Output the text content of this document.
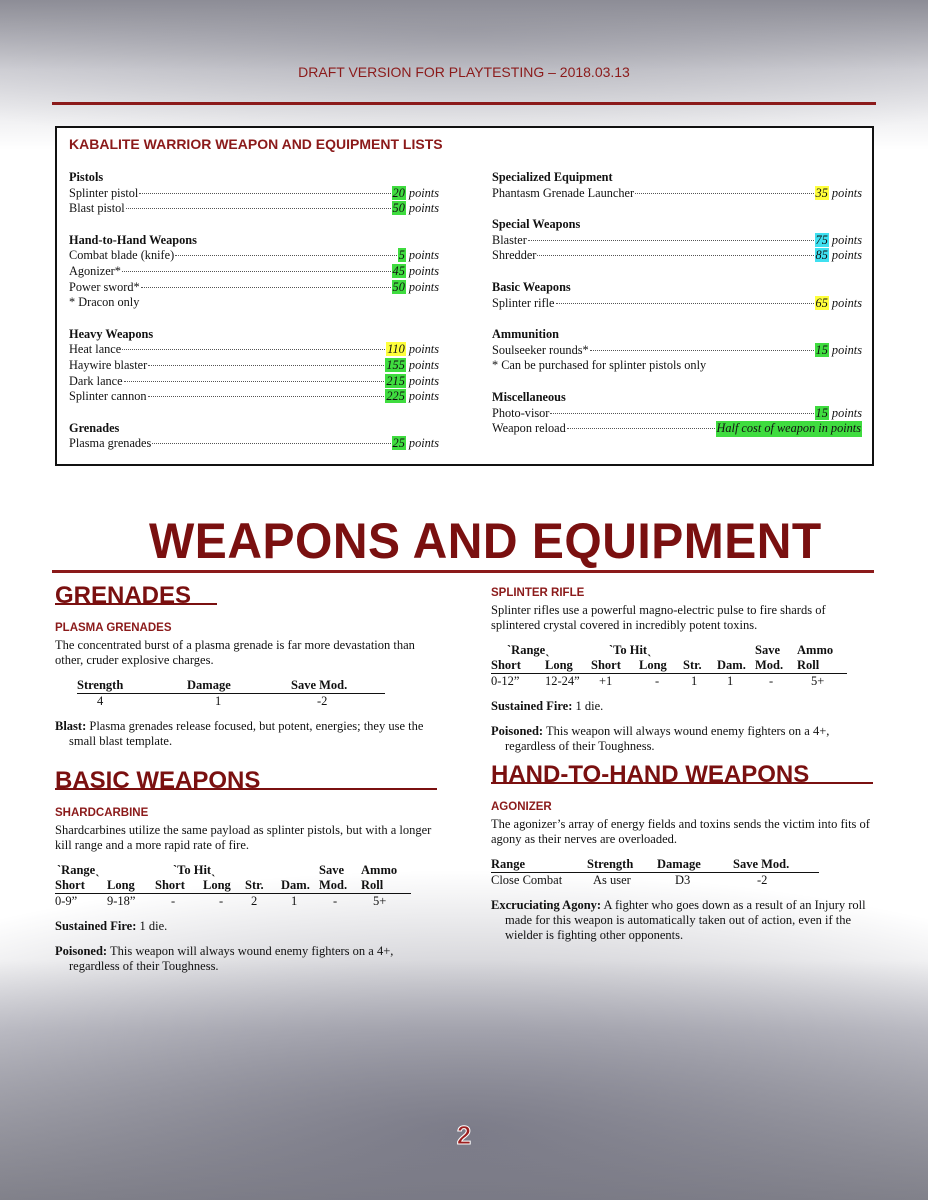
DRAFT VERSION FOR PLAYTESTING – 2018.03.13
KABALITE WARRIOR WEAPON AND EQUIPMENT LISTS
Pistols
Splinter pistol	20 points
Blast pistol	50 points
Hand-to-Hand Weapons
Combat blade (knife)	5 points
Agonizer*	45 points
Power sword*	50 points
* Dracon only
Heavy Weapons
Heat lance	110 points
Haywire blaster	155 points
Dark lance	215 points
Splinter cannon	225 points
Grenades
Plasma grenades	25 points
Specialized Equipment
Phantasm Grenade Launcher	35 points
Special Weapons
Blaster	75 points
Shredder	85 points
Basic Weapons
Splinter rifle	65 points
Ammunition
Soulseeker rounds*	15 points
* Can be purchased for splinter pistols only
Miscellaneous
Photo-visor	15 points
Weapon reload	Half cost of weapon in points
WEAPONS AND EQUIPMENT
GRENADES
PLASMA GRENADES

The concentrated burst of a plasma grenade is far more devastation than other, cruder explosive charges.

Strength	Damage	Save Mod.
4	1	-2

Blast: Plasma grenades release focused, but potent, energies; they use the small blast template.

BASIC WEAPONS
SHARDCARBINE

Shardcarbines utilize the same payload as splinter pistols, but with a longer kill range and a more rapid rate of fire.

ˋRangeˎ		ˋTo Hitˎ				Save	Ammo
Short	Long	Short	Long	Str.	Dam.	Mod.	Roll
0-9”	9-18”	-	-	2	1	-	5+

Sustained Fire: 1 die.

Poisoned: This weapon will always wound enemy fighters on a 4+, regardless of their Toughness.

SPLINTER RIFLE

Splinter rifles use a powerful magno-electric pulse to fire shards of splintered crystal covered in incredibly potent toxins.

ˋRangeˎ		ˋTo Hitˎ				Save	Ammo
Short	Long	Short	Long	Str.	Dam.	Mod.	Roll
0-12”	12-24”	+1	-	1	1	-	5+

Sustained Fire: 1 die.

Poisoned: This weapon will always wound enemy fighters on a 4+, regardless of their Toughness.

HAND-TO-HAND WEAPONS
AGONIZER

The agonizer’s array of energy fields and toxins sends the victim into fits of agony as their nerves are overloaded.

Range	Strength	Damage	Save Mod.
Close Combat	As user	D3	-2

Excruciating Agony: A fighter who goes down as a result of an Injury roll made for this weapon is automatically taken out of action, even if the wielder is fighting other opponents.

2
